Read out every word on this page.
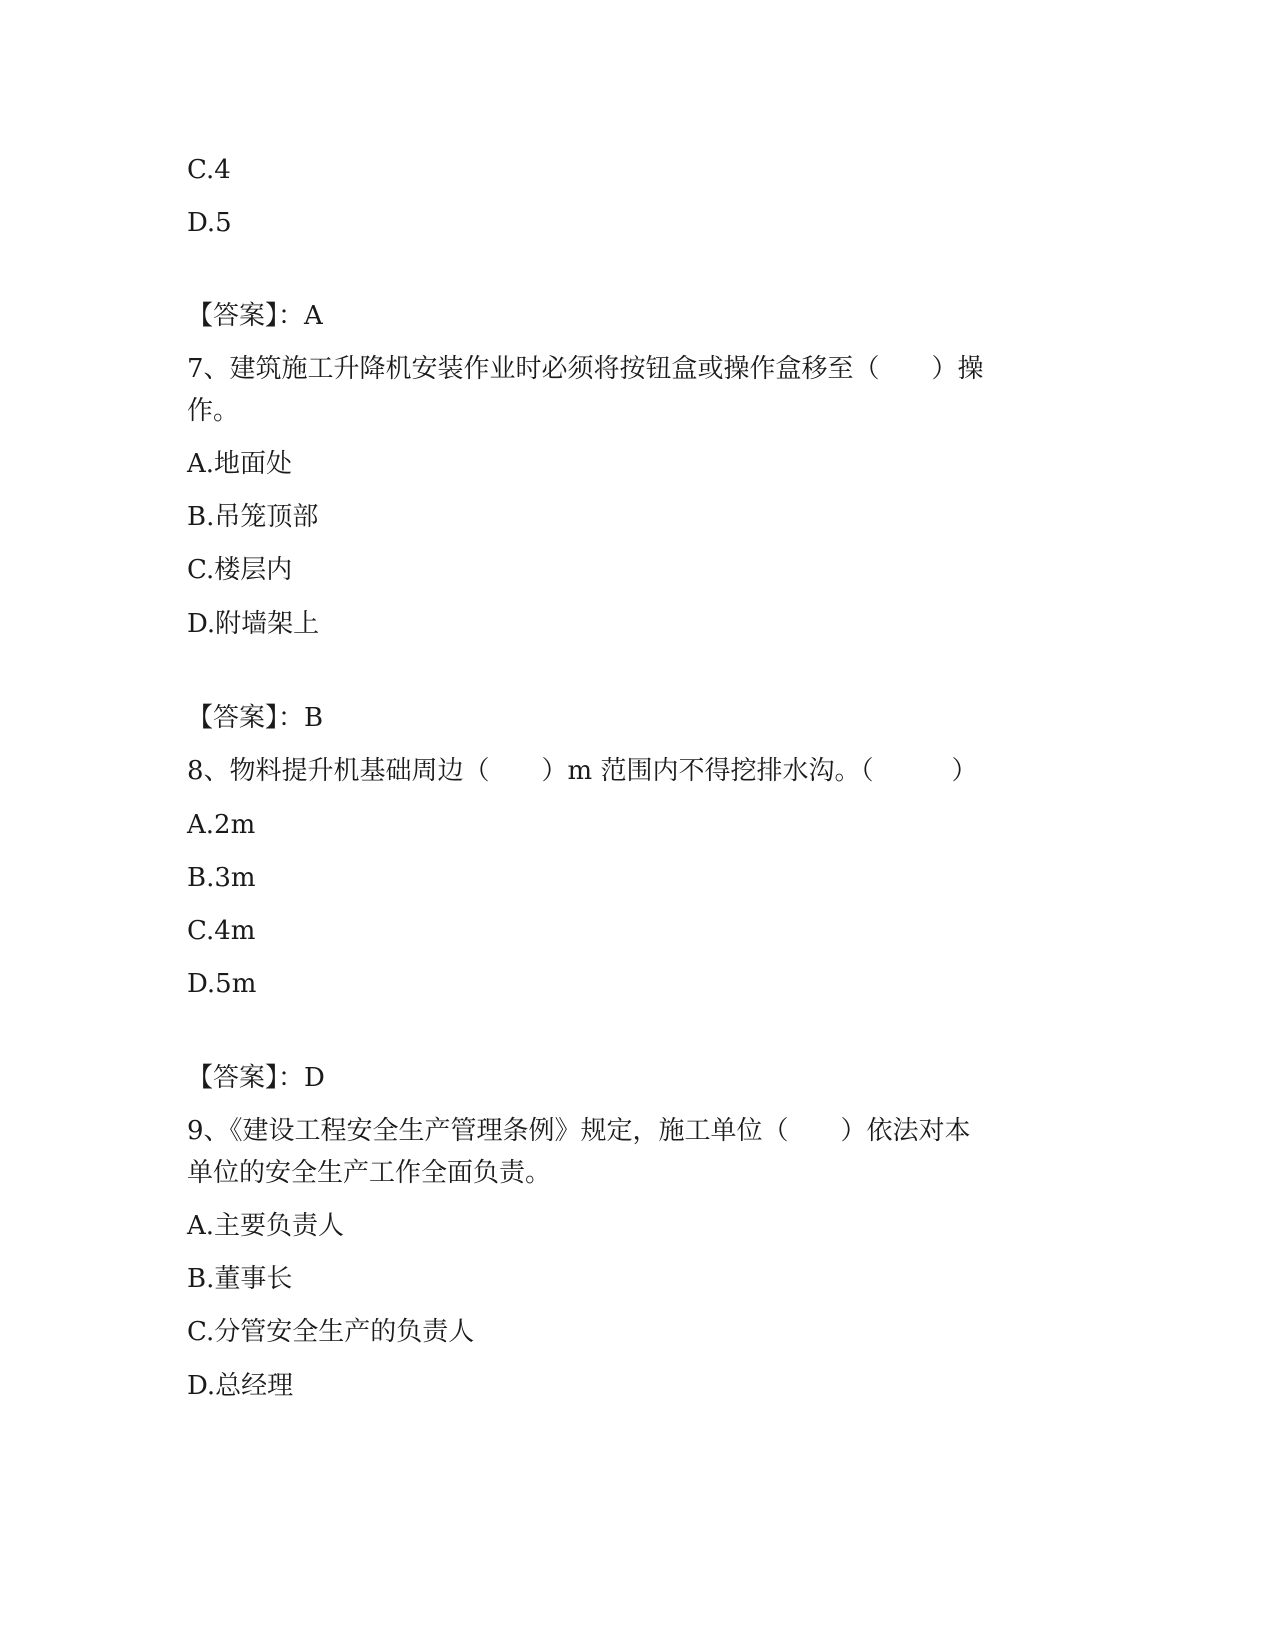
C.4
D.5
【答案】：A
7、建筑施工升降机安装作业时必须将按钮盒或操作盒移至（　　）操
作。
A.地面处
B.吊笼顶部
C.楼层内
D.附墙架上
【答案】：B
8、物料提升机基础周边（　　）m 范围内不得挖排水沟。（　　　）
A.2m
B.3m
C.4m
D.5m
【答案】：D
9、《建设工程安全生产管理条例》规定，施工单位（　　）依法对本
单位的安全生产工作全面负责。
A.主要负责人
B.董事长
C.分管安全生产的负责人
D.总经理
